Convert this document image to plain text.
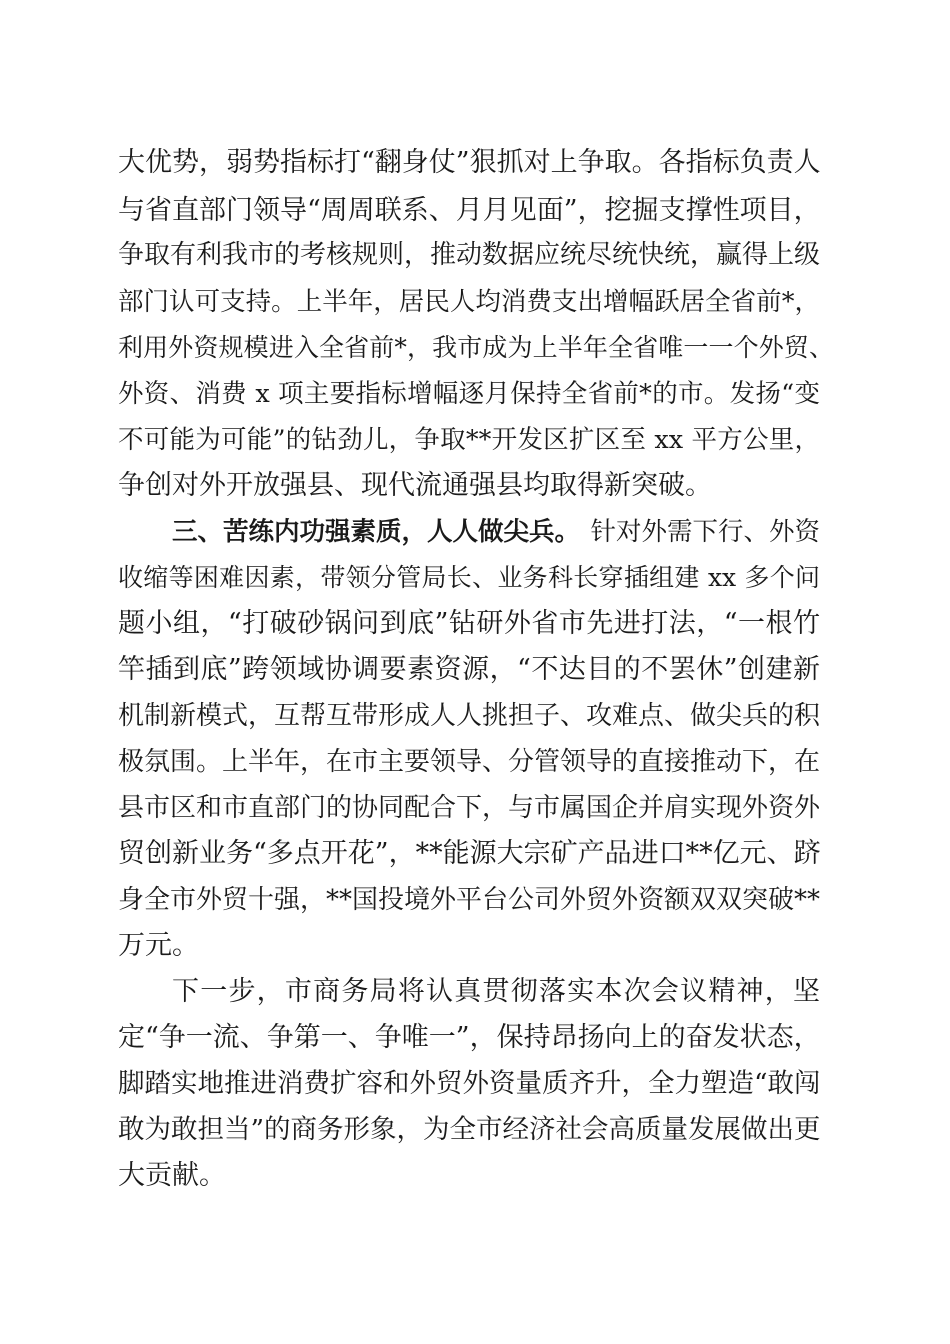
大优势，弱势指标打“翻身仗”狠抓对上争取。各指标负责人
与省直部门领导“周周联系、月月见面”，挖掘支撑性项目，
争取有利我市的考核规则，推动数据应统尽统快统，赢得上级
部门认可支持。上半年，居民人均消费支出增幅跃居全省前*，
利用外资规模进入全省前*，我市成为上半年全省唯一一个外贸、
外资、消费 x 项主要指标增幅逐月保持全省前*的市。发扬“变
不可能为可能”的钻劲儿，争取**开发区扩区至 xx 平方公里，
争创对外开放强县、现代流通强县均取得新突破。
三、苦练内功强素质，人人做尖兵。 针对外需下行、外资
收缩等困难因素，带领分管局长、业务科长穿插组建 xx 多个问
题小组，“打破砂锅问到底”钻研外省市先进打法，“一根竹
竿插到底”跨领域协调要素资源，“不达目的不罢休”创建新
机制新模式，互帮互带形成人人挑担子、攻难点、做尖兵的积
极氛围。上半年，在市主要领导、分管领导的直接推动下，在
县市区和市直部门的协同配合下，与市属国企并肩实现外资外
贸创新业务“多点开花”，**能源大宗矿产品进口**亿元、跻
身全市外贸十强，**国投境外平台公司外贸外资额双双突破**
万元。
下一步，市商务局将认真贯彻落实本次会议精神，坚
定“争一流、争第一、争唯一”，保持昂扬向上的奋发状态，
脚踏实地推进消费扩容和外贸外资量质齐升，全力塑造“敢闯
敢为敢担当”的商务形象，为全市经济社会高质量发展做出更
大贡献。
